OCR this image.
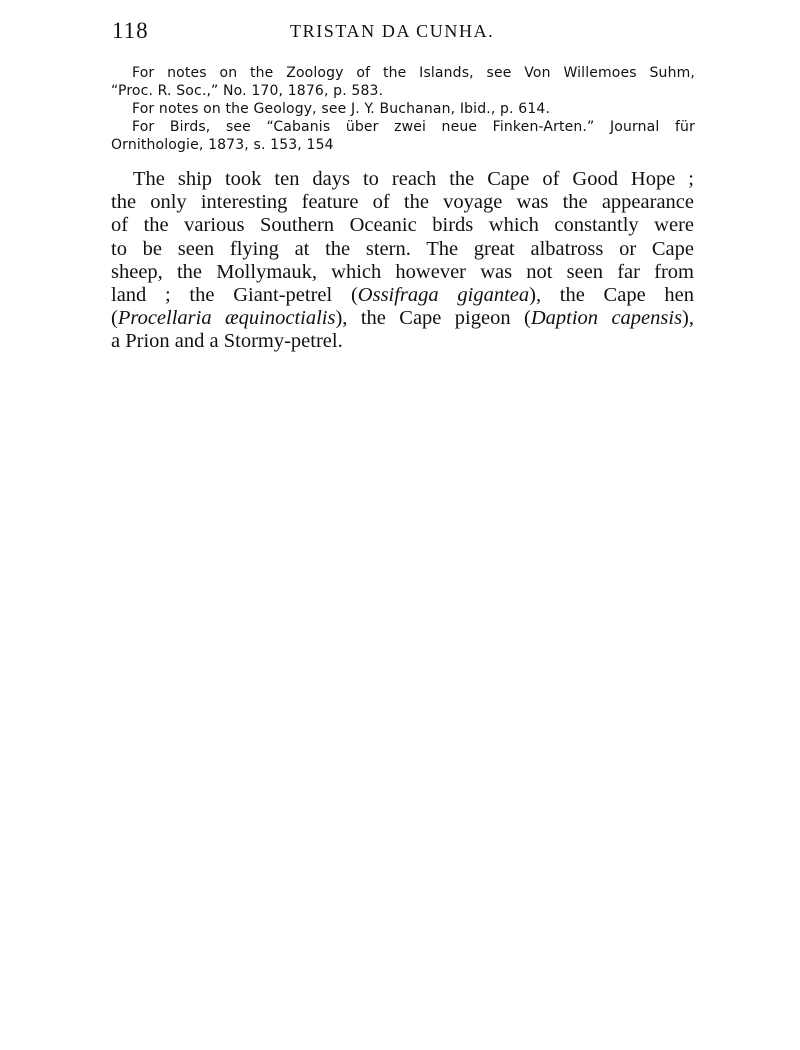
118	TRISTAN DA CUNHA.
For notes on the Zoology of the Islands, see Von Willemoes Suhm,
“Proc. R. Soc.,” No. 170, 1876, p. 583.
For notes on the Geology, see J. Y. Buchanan, Ibid., p. 614.
For Birds, see “Cabanis über zwei neue Finken-Arten.” Journal für
Ornithologie, 1873, s. 153, 154
The ship took ten days to reach the Cape of Good Hope ;
the only interesting feature of the voyage was the appearance
of the various Southern Oceanic birds which constantly were
to be seen flying at the stern. The great albatross or Cape
sheep, the Mollymauk, which however was not seen far from
land ; the Giant-petrel (Ossifraga gigantea), the Cape hen
(Procellaria æquinoctialis), the Cape pigeon (Daption capensis),
a Prion and a Stormy-petrel.
